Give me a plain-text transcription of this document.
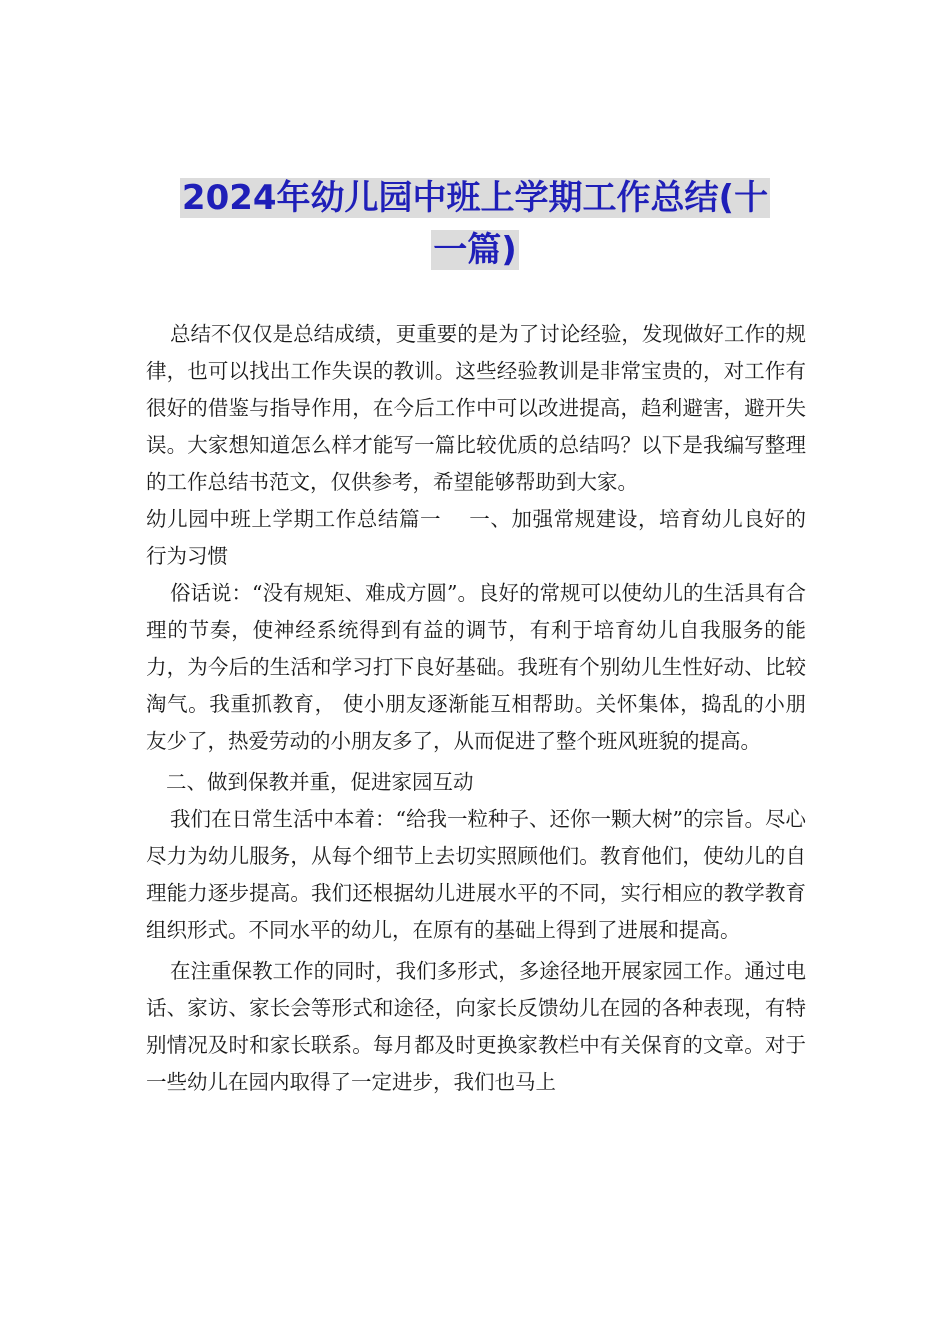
2024年幼儿园中班上学期工作总结(十
一篇)

总结不仅仅是总结成绩，更重要的是为了讨论经验，发现做好工作的规律，也可以找出工作失误的教训。这些经验教训是非常宝贵的，对工作有很好的借鉴与指导作用，在今后工作中可以改进提高，趋利避害，避开失误。大家想知道怎么样才能写一篇比较优质的总结吗？以下是我编写整理的工作总结书范文，仅供参考，希望能够帮助到大家。

幼儿园中班上学期工作总结篇一　 一、加强常规建设，培育幼儿良好的行为习惯

俗话说：“没有规矩、难成方圆”。良好的常规可以使幼儿的生活具有合理的节奏，使神经系统得到有益的调节，有利于培育幼儿自我服务的能力，为今后的生活和学习打下良好基础。我班有个别幼儿生性好动、比较淘气。我重抓教育， 使小朋友逐渐能互相帮助。关怀集体，捣乱的小朋友少了，热爱劳动的小朋友多了，从而促进了整个班风班貌的提高。

二、做到保教并重，促进家园互动

我们在日常生活中本着：“给我一粒种子、还你一颗大树”的宗旨。尽心尽力为幼儿服务，从每个细节上去切实照顾他们。教育他们，使幼儿的自理能力逐步提高。我们还根据幼儿进展水平的不同，实行相应的教学教育组织形式。不同水平的幼儿，在原有的基础上得到了进展和提高。

在注重保教工作的同时，我们多形式，多途径地开展家园工作。通过电话、家访、家长会等形式和途径，向家长反馈幼儿在园的各种表现，有特别情况及时和家长联系。每月都及时更换家教栏中有关保育的文章。对于一些幼儿在园内取得了一定进步，我们也马上
